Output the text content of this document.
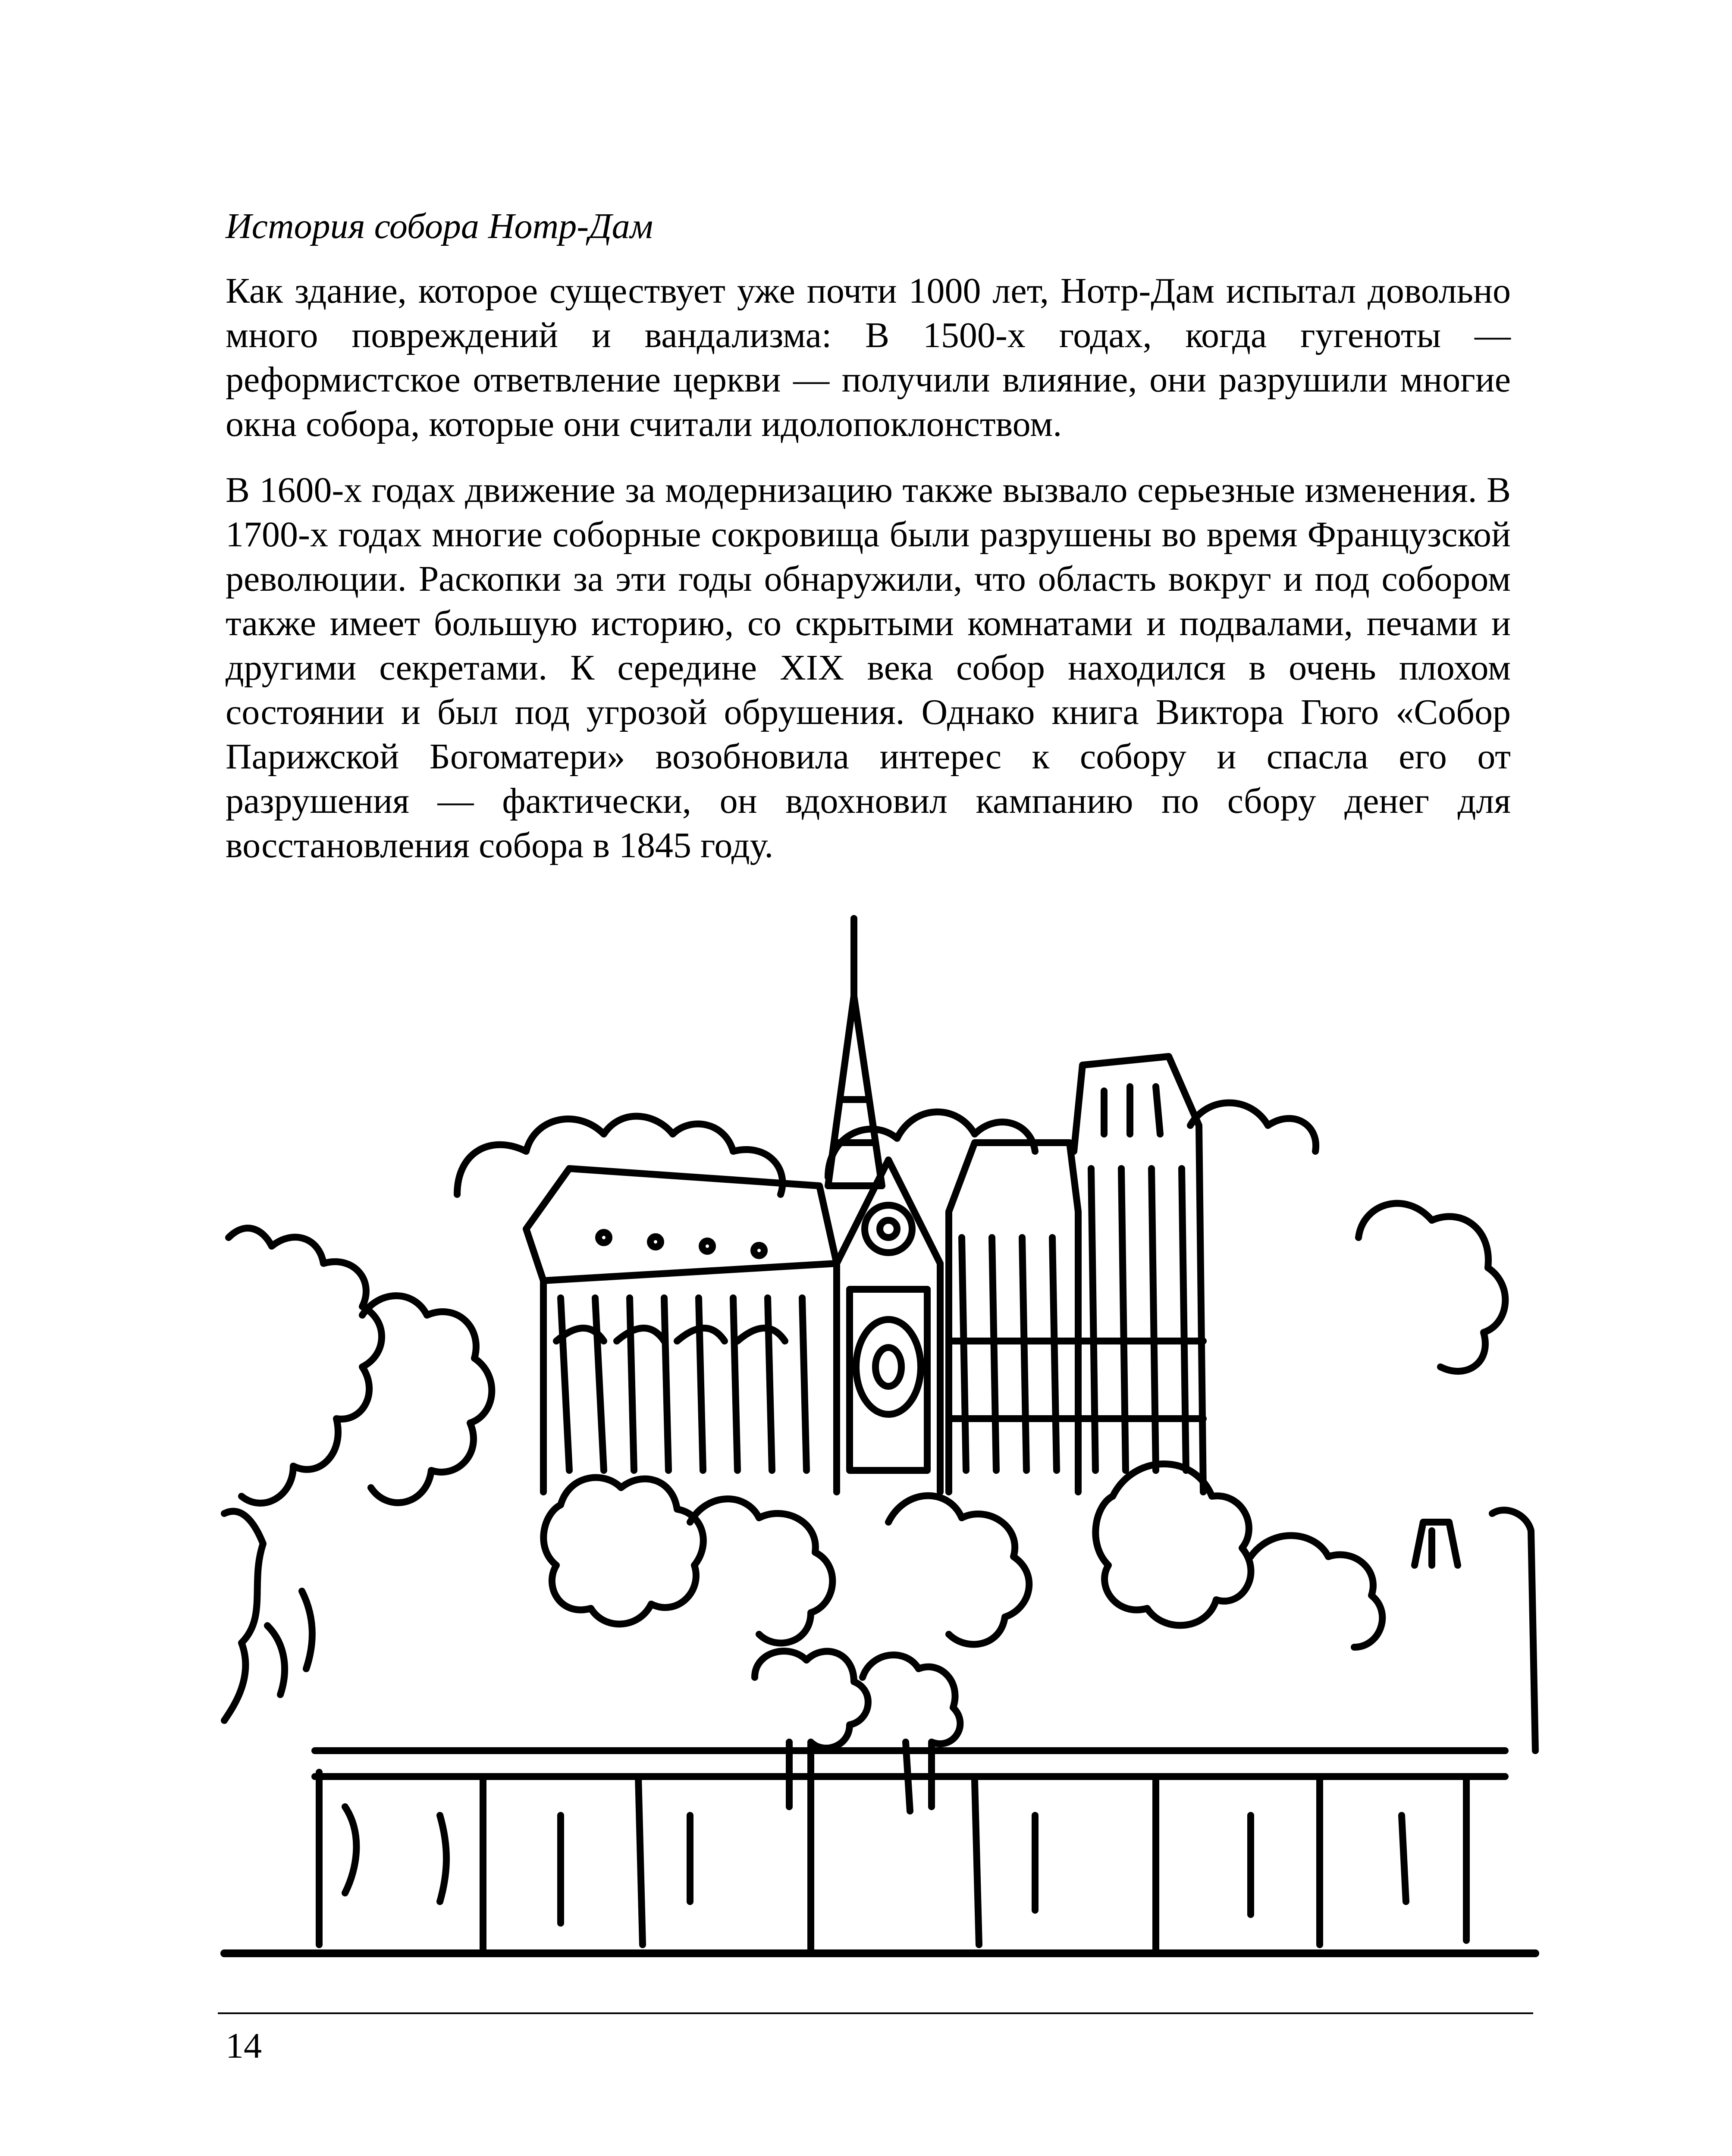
История собора Нотр-Дам

Как здание, которое существует уже почти 1000 лет, Нотр-Дам испытал довольно много повреждений и вандализма: В 1500-х годах, когда гугеноты — реформистское ответвление церкви — получили влияние, они разрушили многие окна собора, которые они считали идолопоклонством.

В 1600-х годах движение за модернизацию также вызвало серьезные изменения. В 1700-х годах многие соборные сокровища были разрушены во время Французской революции. Раскопки за эти годы обнаружили, что область вокруг и под собором также имеет большую историю, со скрытыми комнатами и подвалами, печами и другими секретами. К середине XIX века собор находился в очень плохом состоянии и был под угрозой обрушения. Однако книга Виктора Гюго «Собор Парижской Богоматери» возобновила интерес к собору и спасла его от разрушения — фактически, он вдохновил кампанию по сбору денег для восстановления собора в 1845 году.

14
